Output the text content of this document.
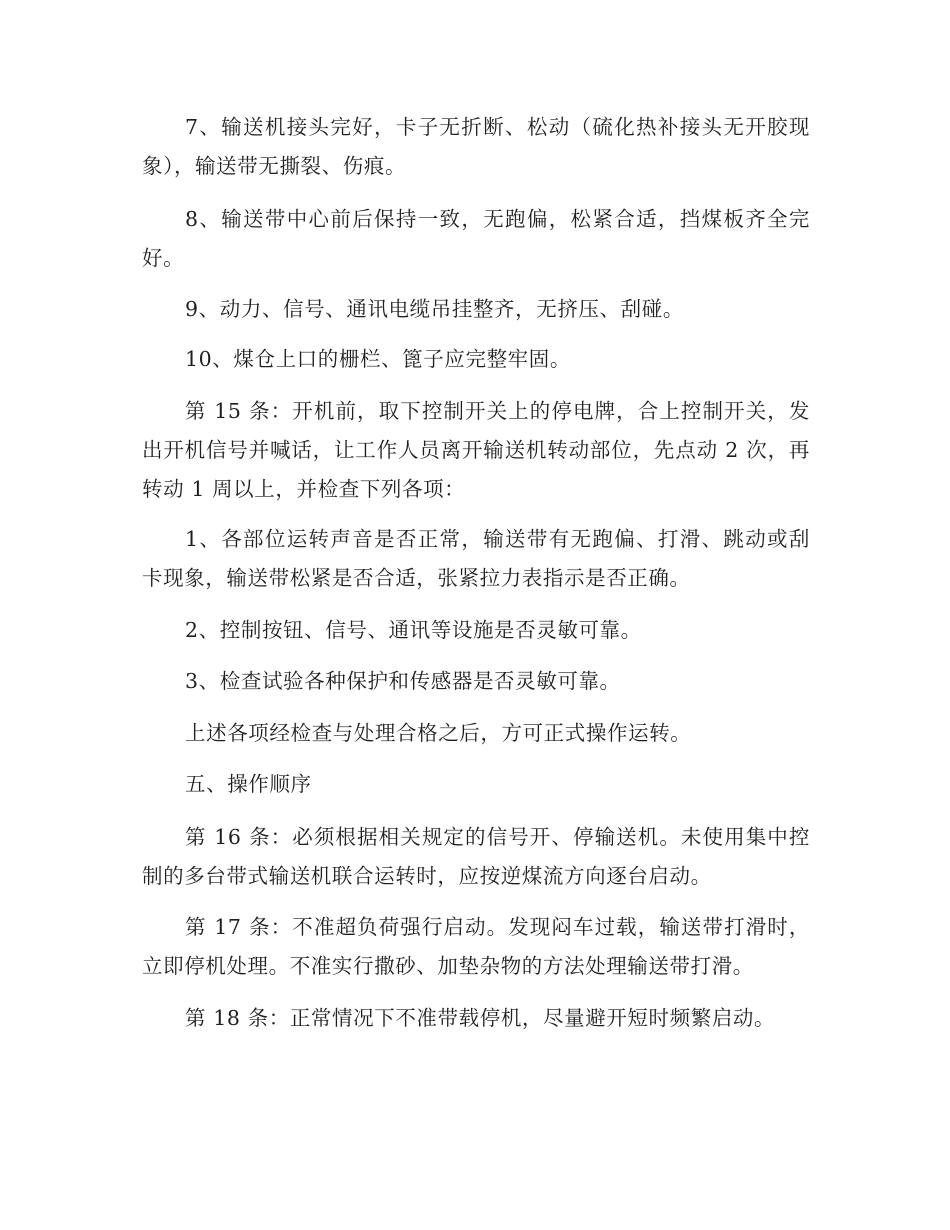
7、输送机接头完好，卡子无折断、松动（硫化热补接头无开胶现象），输送带无撕裂、伤痕。

8、输送带中心前后保持一致，无跑偏，松紧合适，挡煤板齐全完好。

9、动力、信号、通讯电缆吊挂整齐，无挤压、刮碰。

10、煤仓上口的栅栏、篦子应完整牢固。

第 15 条：开机前，取下控制开关上的停电牌，合上控制开关，发出开机信号并喊话，让工作人员离开输送机转动部位，先点动 2 次，再转动 1 周以上，并检查下列各项：

1、各部位运转声音是否正常，输送带有无跑偏、打滑、跳动或刮卡现象，输送带松紧是否合适，张紧拉力表指示是否正确。

2、控制按钮、信号、通讯等设施是否灵敏可靠。

3、检查试验各种保护和传感器是否灵敏可靠。

上述各项经检查与处理合格之后，方可正式操作运转。

五、操作顺序

第 16 条：必须根据相关规定的信号开、停输送机。未使用集中控制的多台带式输送机联合运转时，应按逆煤流方向逐台启动。

第 17 条：不准超负荷强行启动。发现闷车过载，输送带打滑时，立即停机处理。不准实行撒砂、加垫杂物的方法处理输送带打滑。

第 18 条：正常情况下不准带载停机，尽量避开短时频繁启动。
